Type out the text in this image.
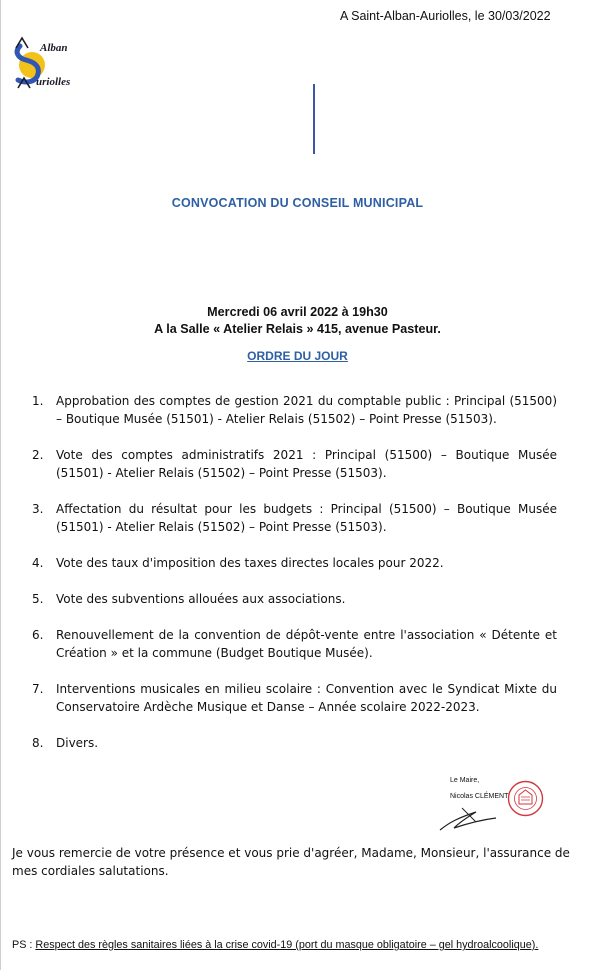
A Saint-Alban-Auriolles, le 30/03/2022
Alban
uriolles
CONVOCATION DU CONSEIL MUNICIPAL
Mercredi 06 avril 2022 à 19h30
A la Salle « Atelier Relais » 415, avenue Pasteur.
ORDRE DU JOUR
1. Approbation des comptes de gestion 2021 du comptable public : Principal (51500) – Boutique Musée (51501) - Atelier Relais (51502) – Point Presse (51503).
2. Vote des comptes administratifs 2021 : Principal (51500) – Boutique Musée (51501) - Atelier Relais (51502) – Point Presse (51503).
3. Affectation du résultat pour les budgets : Principal (51500) – Boutique Musée (51501) - Atelier Relais (51502) – Point Presse (51503).
4. Vote des taux d'imposition des taxes directes locales pour 2022.
5. Vote des subventions allouées aux associations.
6. Renouvellement de la convention de dépôt-vente entre l'association « Détente et Création » et la commune (Budget Boutique Musée).
7. Interventions musicales en milieu scolaire : Convention avec le Syndicat Mixte du Conservatoire Ardèche Musique et Danse – Année scolaire 2022-2023.
8. Divers.
Le Maire,
Nicolas CLÉMENT
Je vous remercie de votre présence et vous prie d'agréer, Madame, Monsieur, l'assurance de mes cordiales salutations.
PS : Respect des règles sanitaires liées à la crise covid-19 (port du masque obligatoire – gel hydroalcoolique).
